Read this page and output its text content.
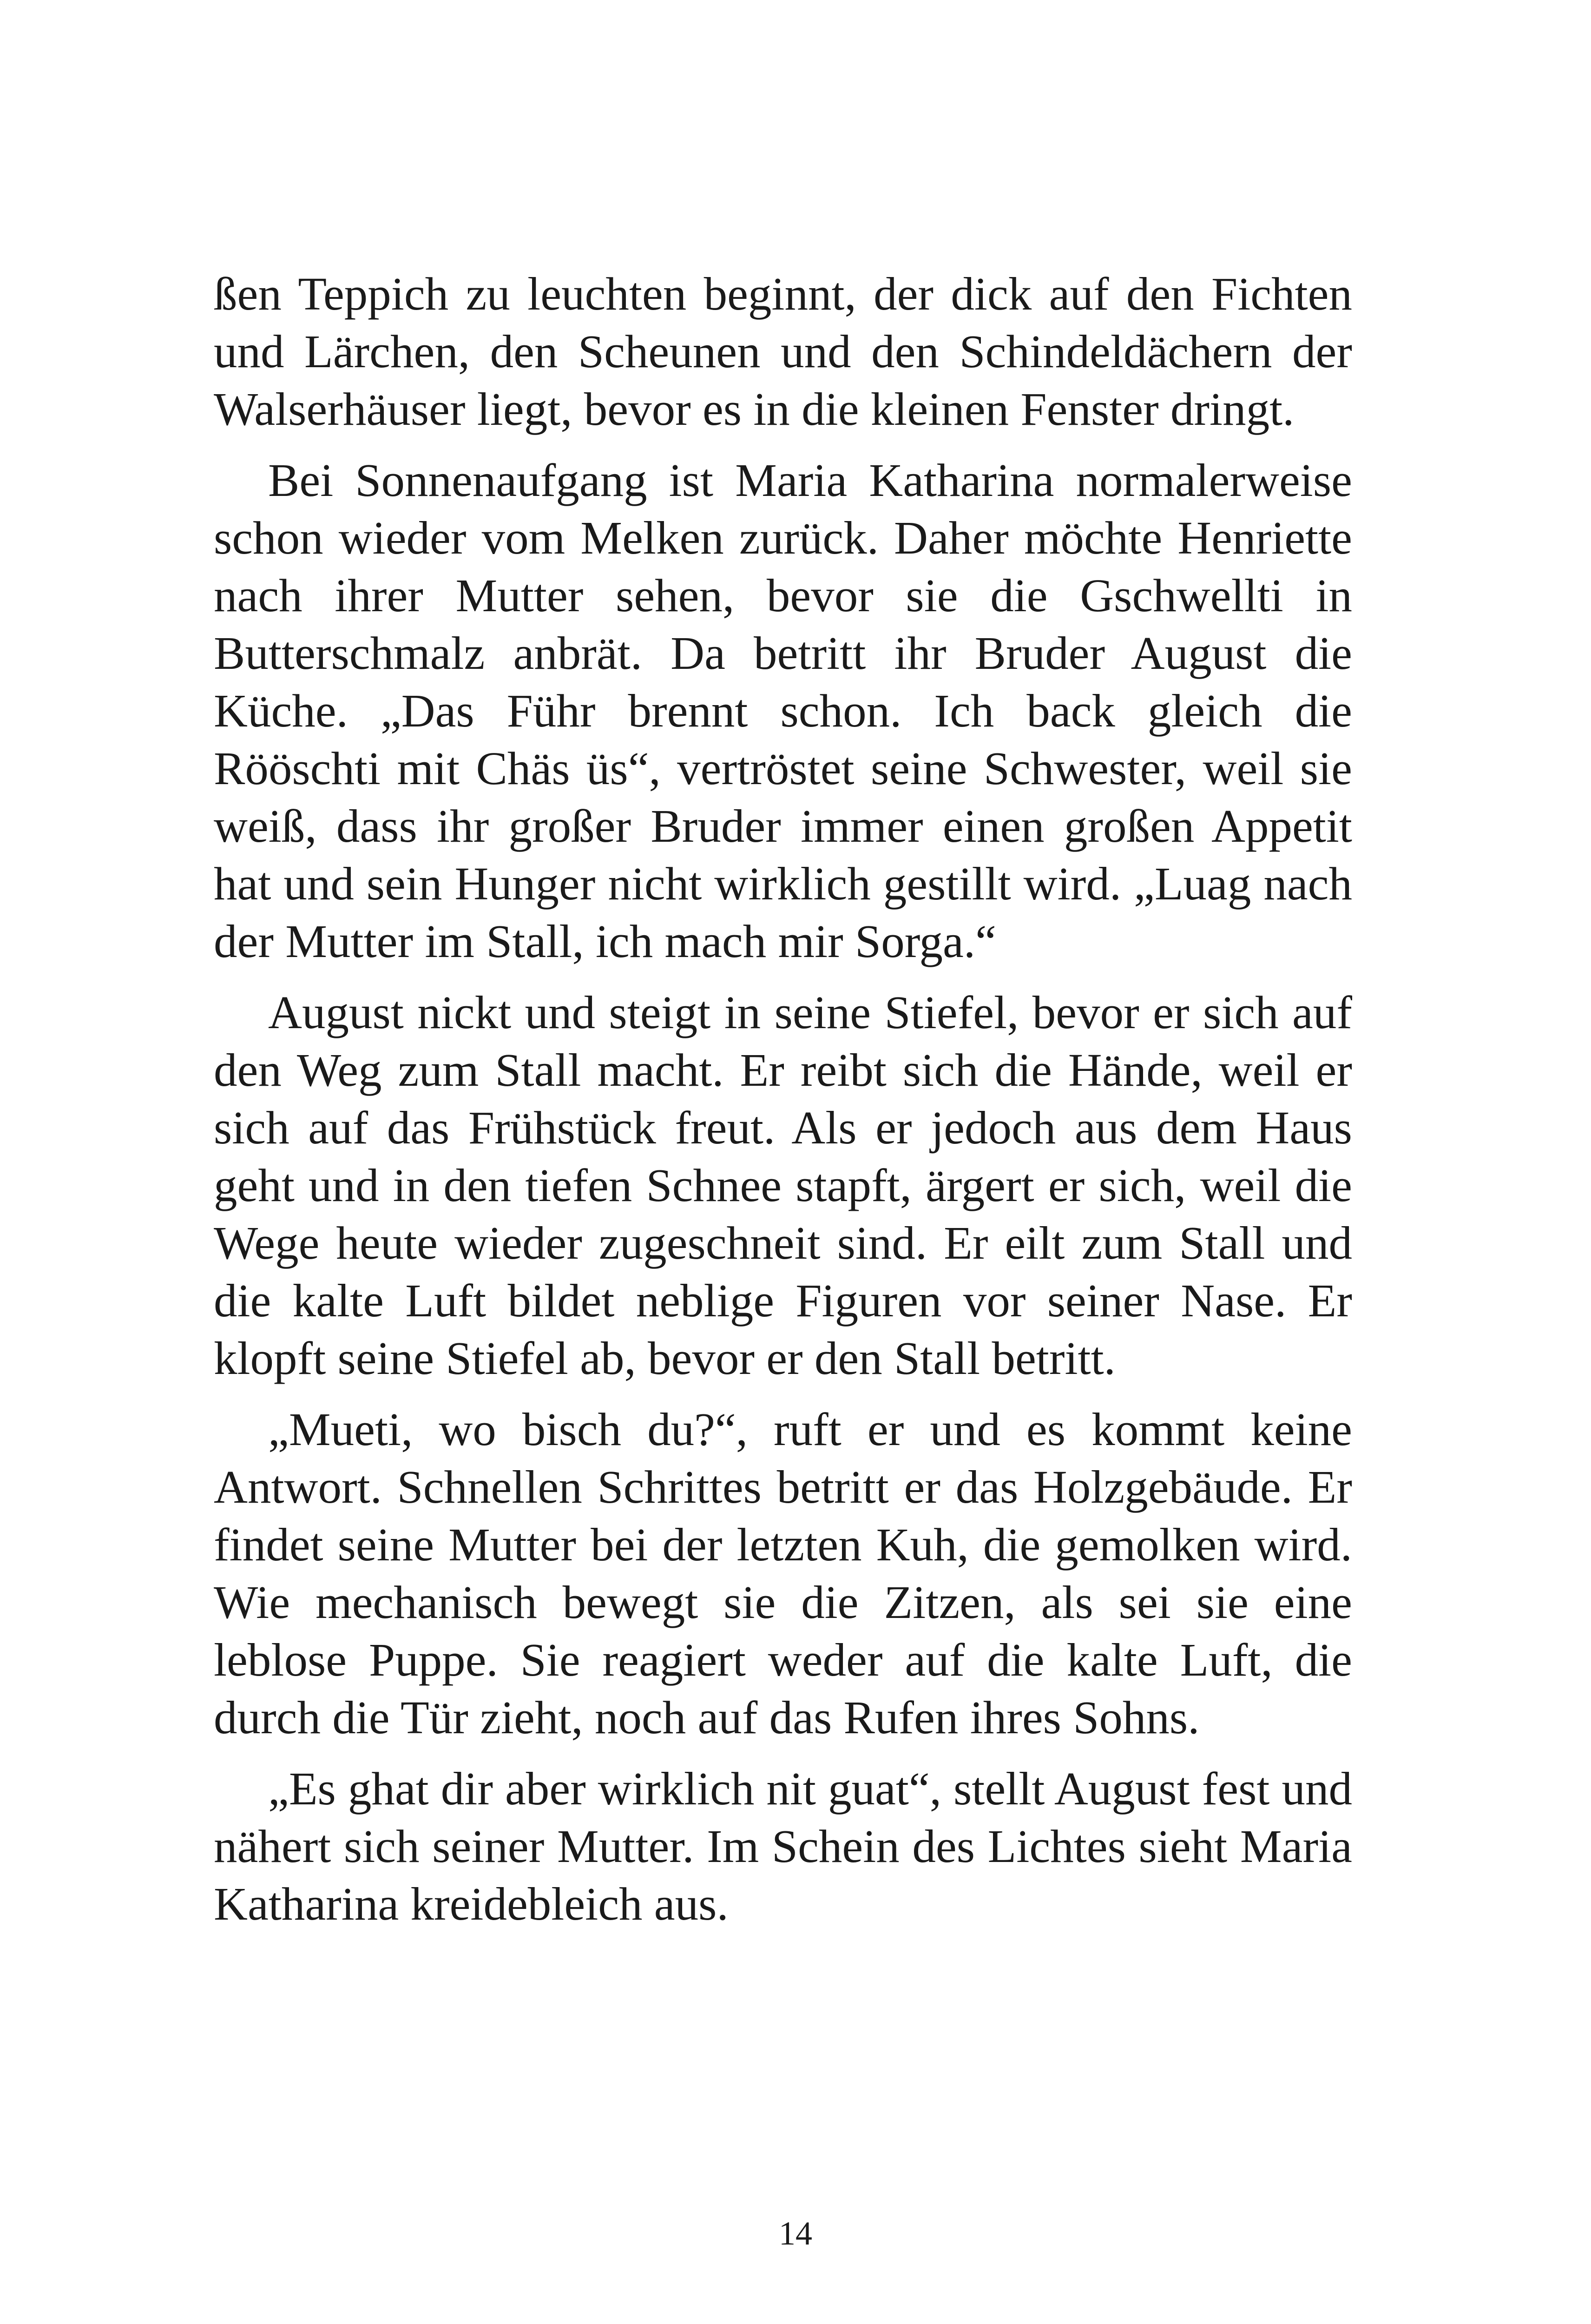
ßen Teppich zu leuchten beginnt, der dick auf den Fichten und Lärchen, den Scheunen und den Schindeldächern der Walserhäuser liegt, bevor es in die kleinen Fenster dringt.

Bei Sonnenaufgang ist Maria Katharina normalerweise schon wieder vom Melken zurück. Daher möchte Henriette nach ihrer Mutter sehen, bevor sie die Gschwellti in Butterschmalz anbrät. Da betritt ihr Bruder August die Küche. „Das Führ brennt schon. Ich back gleich die Rööschti mit Chäs üs“, vertröstet seine Schwester, weil sie weiß, dass ihr großer Bruder immer einen großen Appetit hat und sein Hunger nicht wirklich gestillt wird. „Luag nach der Mutter im Stall, ich mach mir Sorga.“

August nickt und steigt in seine Stiefel, bevor er sich auf den Weg zum Stall macht. Er reibt sich die Hände, weil er sich auf das Frühstück freut. Als er jedoch aus dem Haus geht und in den tiefen Schnee stapft, ärgert er sich, weil die Wege heute wieder zugeschneit sind. Er eilt zum Stall und die kalte Luft bildet neblige Figuren vor seiner Nase. Er klopft seine Stiefel ab, bevor er den Stall betritt.

„Mueti, wo bisch du?“, ruft er und es kommt keine Antwort. Schnellen Schrittes betritt er das Holzgebäude. Er findet seine Mutter bei der letzten Kuh, die gemolken wird. Wie mechanisch bewegt sie die Zitzen, als sei sie eine leblose Puppe. Sie reagiert weder auf die kalte Luft, die durch die Tür zieht, noch auf das Rufen ihres Sohns.

„Es ghat dir aber wirklich nit guat“, stellt August fest und nähert sich seiner Mutter. Im Schein des Lichtes sieht Maria Katharina kreidebleich aus.

14
